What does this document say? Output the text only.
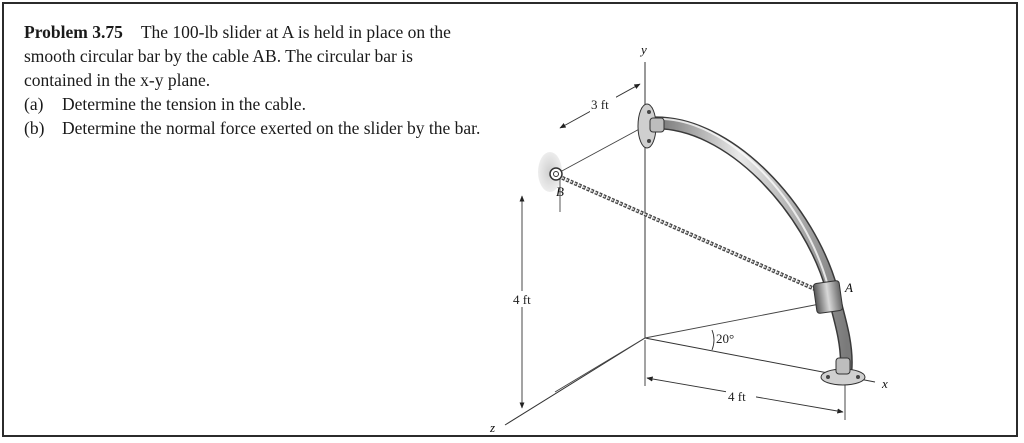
Problem 3.75 The 100-lb slider at A is held in place on the smooth circular bar by the cable AB. The circular bar is contained in the x-y plane.

(a)	Determine the tension in the cable.
(b)	Determine the normal force exerted on the slider by the bar.
y
x
z
3 ft
4 ft
4 ft
20°
B
A
